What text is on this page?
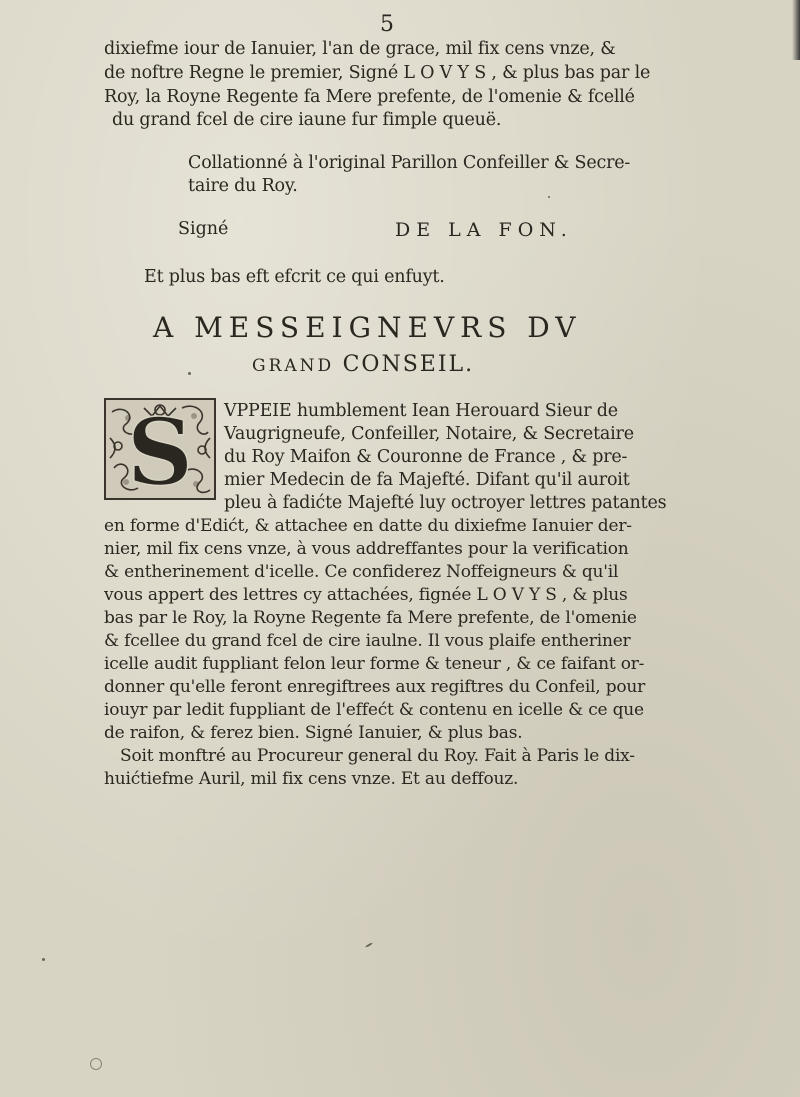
5
dixiefme iour de Ianuier, l'an de grace, mil fix cens vnze, &
de noftre Regne le premier, Signé L O V Y S , & plus bas par le
Roy, la Royne Regente fa Mere prefente, de l'omenie & fcellé
du grand fcel de cire iaune fur fimple queuë.
Collationné à l'original Parillon Confeiller & Secre-
taire du Roy.
Signé	DE LA FON.
Et plus bas eft efcrit ce qui enfuyt.
A MESSEIGNEVRS DV
GRAND CONSEIL.
S VPPEIE humblement Iean Herouard Sieur de
Vaugrigneufe, Confeiller, Notaire, & Secretaire
du Roy Maifon & Couronne de France , & pre-
mier Medecin de fa Majefté. Difant qu'il auroit
pleu à fadićte Majefté luy octroyer lettres patantes
en forme d'Edićt, & attachee en datte du dixiefme Ianuier der-
nier, mil fix cens vnze, à vous addreffantes pour la verification
& entherinement d'icelle. Ce confiderez Noffeigneurs & qu'il
vous appert des lettres cy attachées, fignée L O V Y S , & plus
bas par le Roy, la Royne Regente fa Mere prefente, de l'omenie
& fcellee du grand fcel de cire iaulne. Il vous plaife entheriner
icelle audit fuppliant felon leur forme & teneur , & ce faifant or-
donner qu'elle feront enregiftrees aux regiftres du Confeil, pour
iouyr par ledit fuppliant de l'effećt & contenu en icelle & ce que
de raifon, & ferez bien. Signé Ianuier, & plus bas.
Soit monftré au Procureur general du Roy. Fait à Paris le dix-
huićtiefme Auril, mil fix cens vnze. Et au deffouz.
